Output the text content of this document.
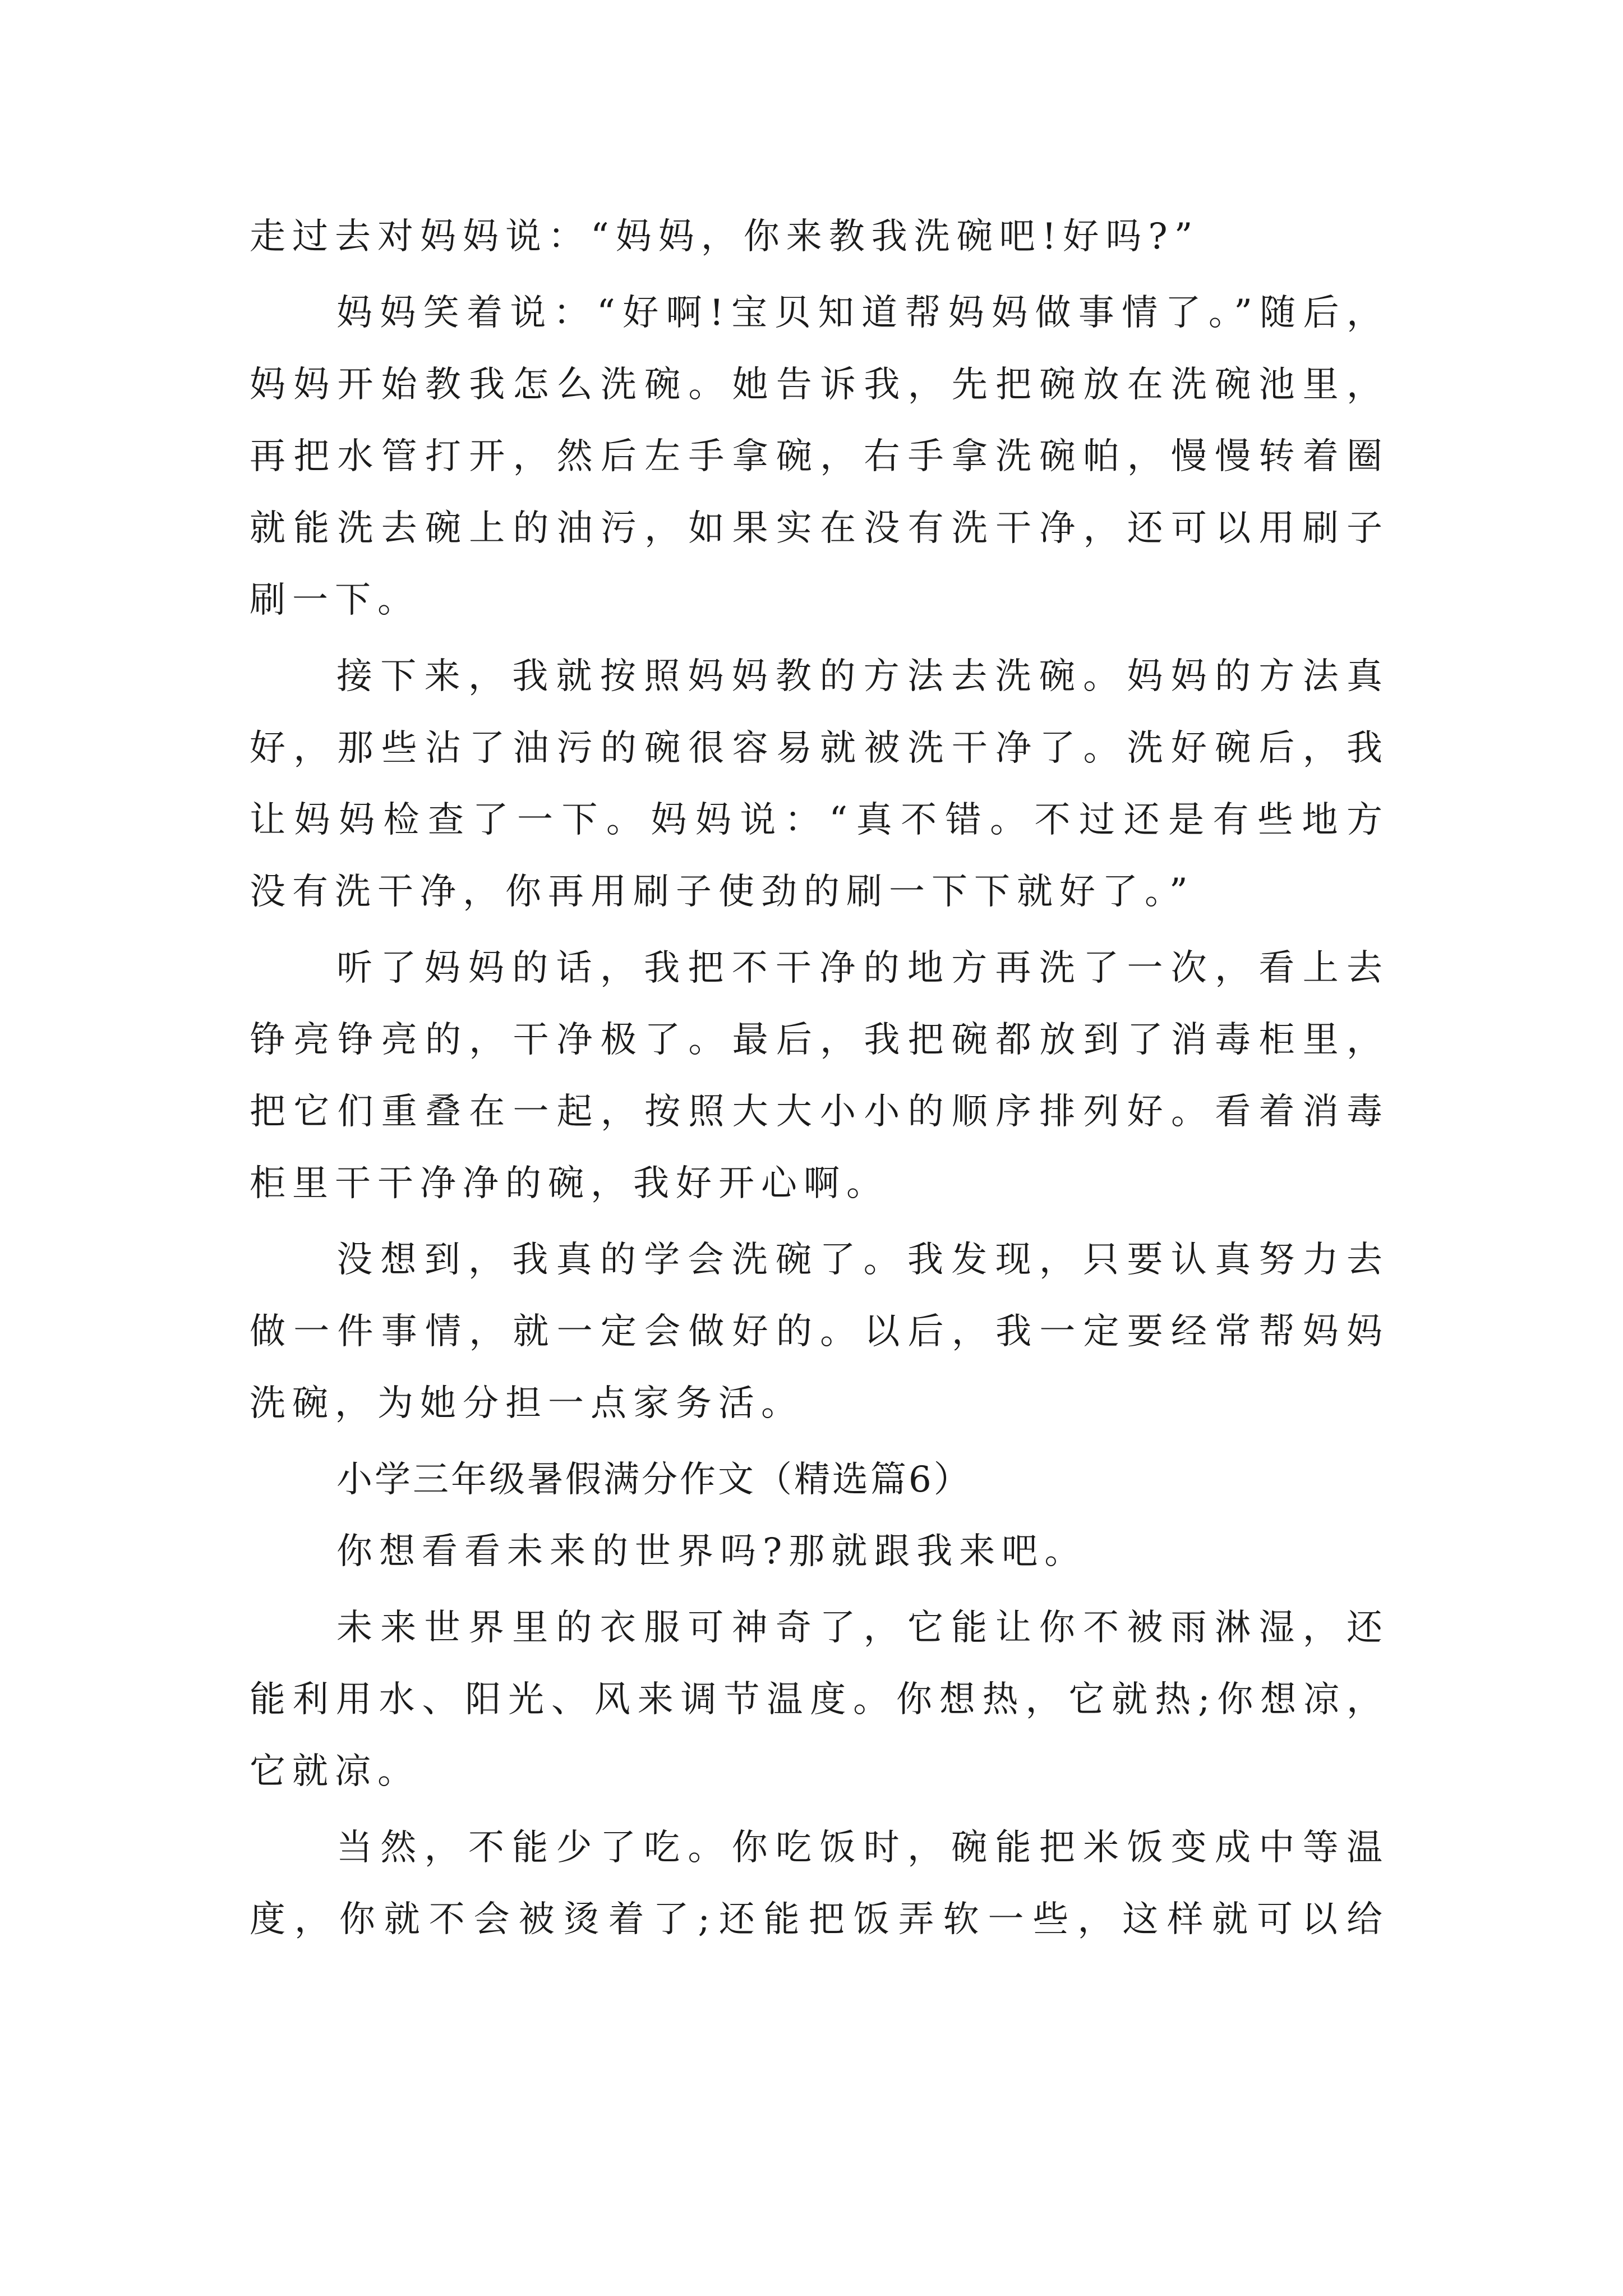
走过去对妈妈说：“妈妈，你来教我洗碗吧!好吗?”
妈妈笑着说：“好啊!宝贝知道帮妈妈做事情了。”随后，
妈妈开始教我怎么洗碗。她告诉我，先把碗放在洗碗池里，
再把水管打开，然后左手拿碗，右手拿洗碗帕，慢慢转着圈
就能洗去碗上的油污，如果实在没有洗干净，还可以用刷子
刷一下。
接下来，我就按照妈妈教的方法去洗碗。妈妈的方法真
好，那些沾了油污的碗很容易就被洗干净了。洗好碗后，我
让妈妈检查了一下。妈妈说：“真不错。不过还是有些地方
没有洗干净，你再用刷子使劲的刷一下下就好了。”
听了妈妈的话，我把不干净的地方再洗了一次，看上去
铮亮铮亮的，干净极了。最后，我把碗都放到了消毒柜里，
把它们重叠在一起，按照大大小小的顺序排列好。看着消毒
柜里干干净净的碗，我好开心啊。
没想到，我真的学会洗碗了。我发现，只要认真努力去
做一件事情，就一定会做好的。以后，我一定要经常帮妈妈
洗碗，为她分担一点家务活。
小学三年级暑假满分作文（精选篇6）
你想看看未来的世界吗?那就跟我来吧。
未来世界里的衣服可神奇了，它能让你不被雨淋湿，还
能利用水、阳光、风来调节温度。你想热，它就热;你想凉，
它就凉。
当然，不能少了吃。你吃饭时，碗能把米饭变成中等温
度，你就不会被烫着了;还能把饭弄软一些，这样就可以给
